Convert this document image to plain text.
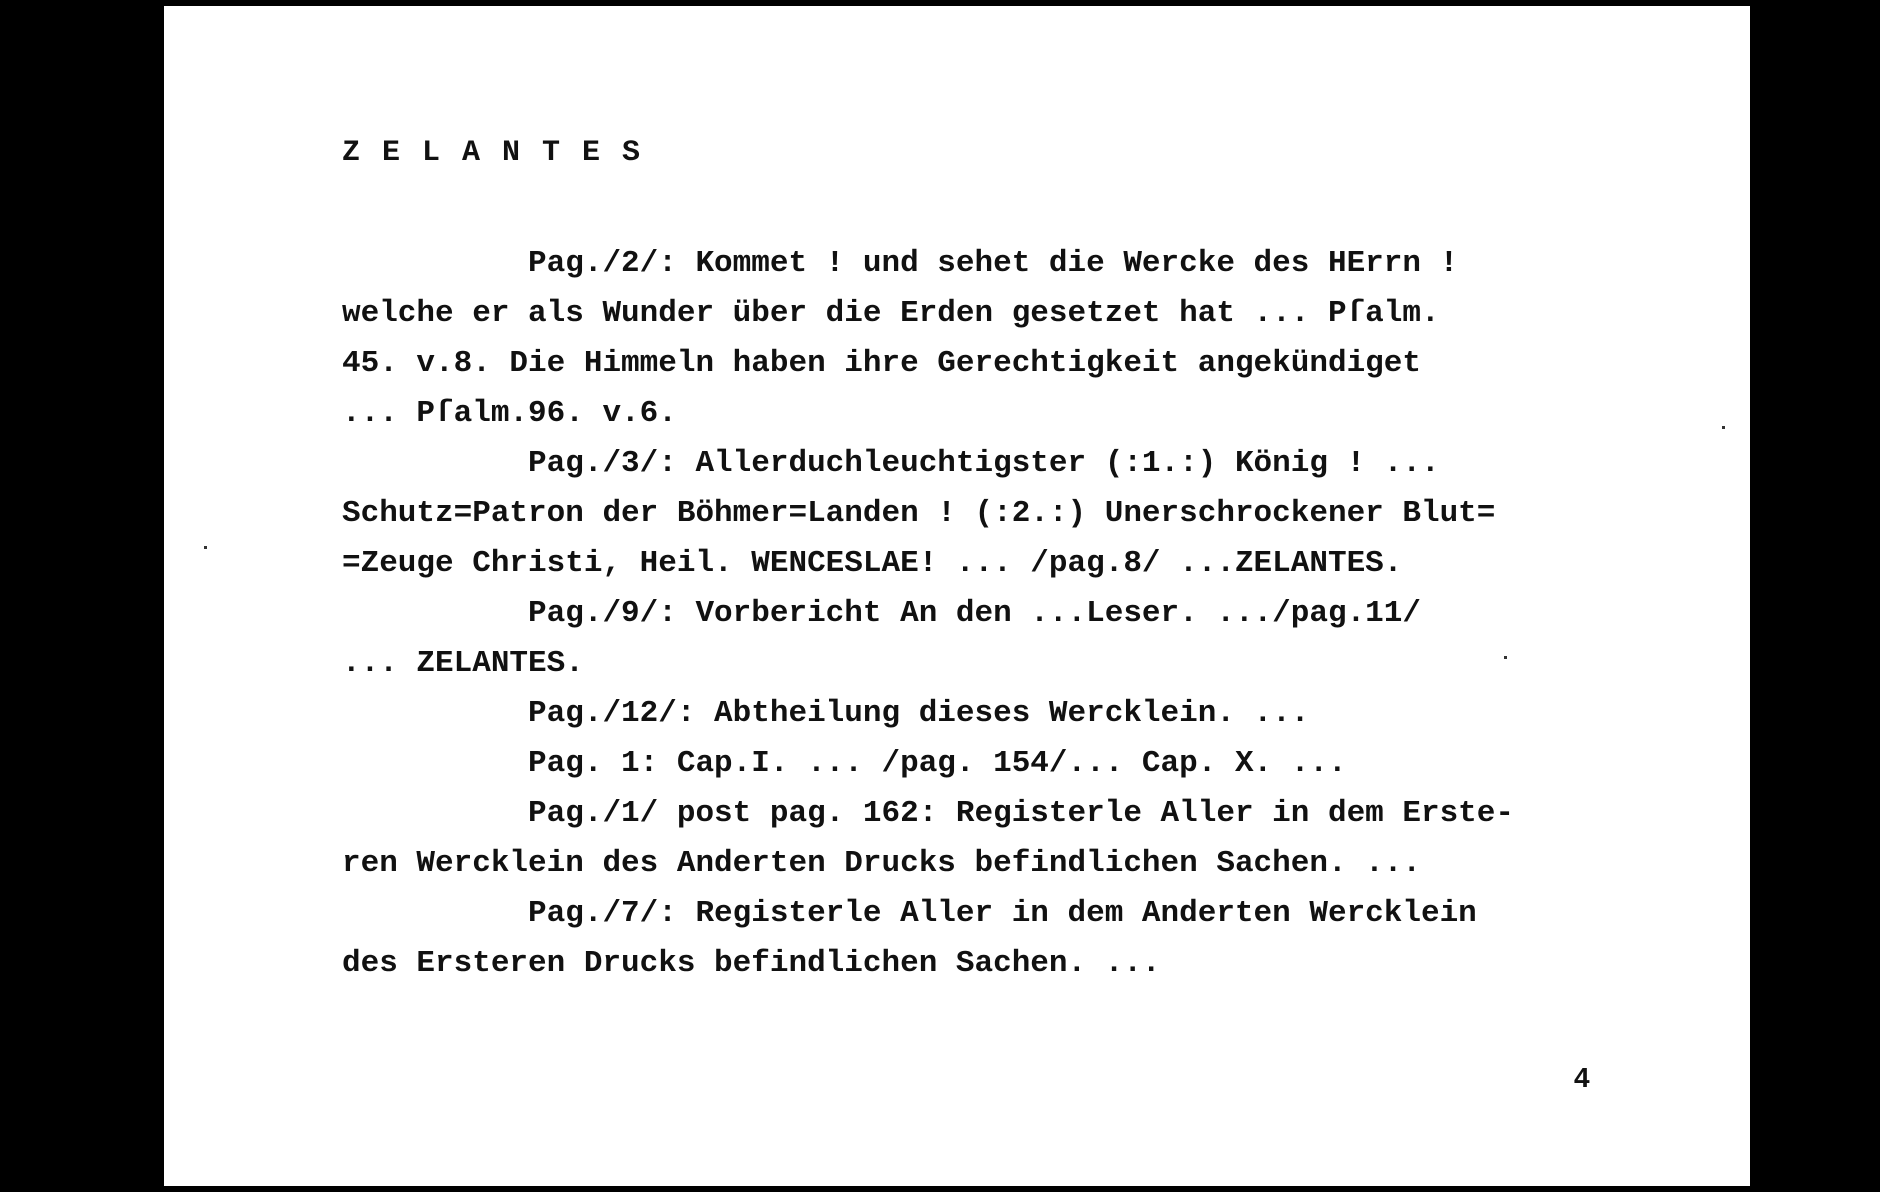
ZELANTES
Pag./2/: Kommet ! und sehet die Wercke des HErrn !
welche er als Wunder über die Erden gesetzet hat ... Pſalm.
45. v.8. Die Himmeln haben ihre Gerechtigkeit angekündiget
... Pſalm.96. v.6.
Pag./3/: Allerduchleuchtigster (:1.:) König ! ...
Schutz=Patron der Böhmer=Landen ! (:2.:) Unerschrockener Blut=
=Zeuge Christi, Heil. WENCESLAE! ... /pag.8/ ...ZELANTES.
Pag./9/: Vorbericht An den ...Leser. .../pag.11/
... ZELANTES.
Pag./12/: Abtheilung dieses Wercklein. ...
Pag. 1: Cap.I. ... /pag. 154/... Cap. X. ...
Pag./1/ post pag. 162: Registerle Aller in dem Erste-
ren Wercklein des Anderten Drucks befindlichen Sachen. ...
Pag./7/: Registerle Aller in dem Anderten Wercklein
des Ersteren Drucks befindlichen Sachen. ...
4
